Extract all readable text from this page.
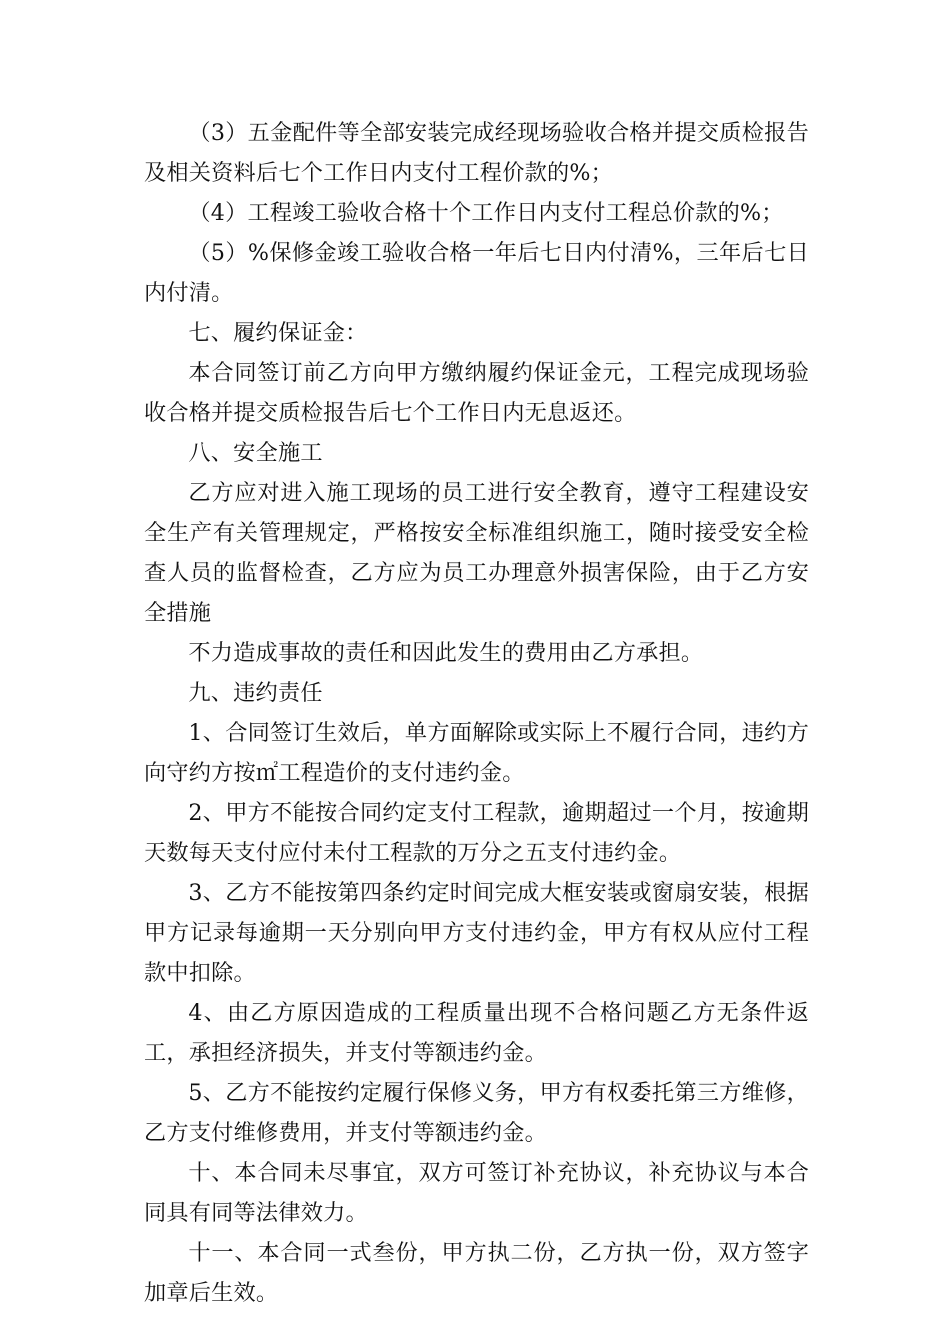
（3）五金配件等全部安装完成经现场验收合格并提交质检报告及相关资料后七个工作日内支付工程价款的%；

（4）工程竣工验收合格十个工作日内支付工程总价款的%；

（5）%保修金竣工验收合格一年后七日内付清%，三年后七日内付清。

七、履约保证金：

本合同签订前乙方向甲方缴纳履约保证金元，工程完成现场验收合格并提交质检报告后七个工作日内无息返还。

八、安全施工

乙方应对进入施工现场的员工进行安全教育，遵守工程建设安全生产有关管理规定，严格按安全标准组织施工，随时接受安全检查人员的监督检查，乙方应为员工办理意外损害保险，由于乙方安全措施

不力造成事故的责任和因此发生的费用由乙方承担。

九、违约责任

1、合同签订生效后，单方面解除或实际上不履行合同，违约方向守约方按㎡工程造价的支付违约金。

2、甲方不能按合同约定支付工程款，逾期超过一个月，按逾期天数每天支付应付未付工程款的万分之五支付违约金。

3、乙方不能按第四条约定时间完成大框安装或窗扇安装，根据甲方记录每逾期一天分别向甲方支付违约金，甲方有权从应付工程款中扣除。

4、由乙方原因造成的工程质量出现不合格问题乙方无条件返工，承担经济损失，并支付等额违约金。

5、乙方不能按约定履行保修义务，甲方有权委托第三方维修，乙方支付维修费用，并支付等额违约金。

十、本合同未尽事宜，双方可签订补充协议，补充协议与本合同具有同等法律效力。

十一、本合同一式叁份，甲方执二份，乙方执一份，双方签字加章后生效。
